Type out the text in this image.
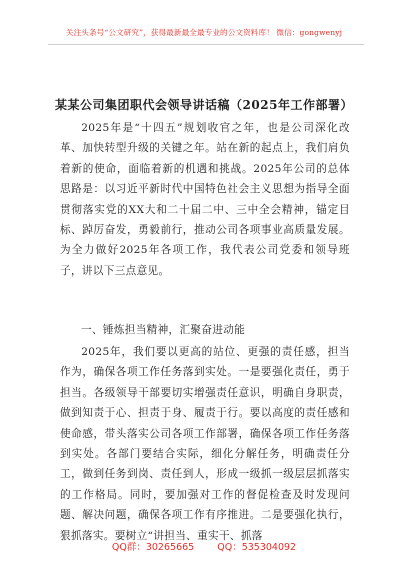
关注头条号“公文研究”，获得最新最全最专业的公文资料库！ 微信：gongwenyj
某某公司集团职代会领导讲话稿（2025年工作部署）

2025年是“十四五”规划收官之年，也是公司深化改革、加快转型升级的关键之年。站在新的起点上，我们肩负着新的使命，面临着新的机遇和挑战。2025年公司的总体思路是：以习近平新时代中国特色社会主义思想为指导全面贯彻落实党的XX大和二十届二中、三中全会精神，锚定目标、踔厉奋发，勇毅前行，推动公司各项事业高质量发展。为全力做好2025年各项工作，我代表公司党委和领导班子，讲以下三点意见。

一、锤炼担当精神，汇聚奋进动能

2025年，我们要以更高的站位、更强的责任感，担当作为，确保各项工作任务落到实处。一是要强化责任，勇于担当。各级领导干部要切实增强责任意识，明确自身职责，做到知责于心、担责于身、履责于行。要以高度的责任感和使命感，带头落实公司各项工作部署，确保各项工作任务落到实处。各部门要结合实际，细化分解任务，明确责任分工，做到任务到岗、责任到人，形成一级抓一级层层抓落实的工作格局。同时，要加强对工作的督促检查及时发现问题、解决问题，确保各项工作有序推进。二是要强化执行，狠抓落实。要树立“讲担当、重实干、抓落

QQ群：30265665 QQ：535304092
